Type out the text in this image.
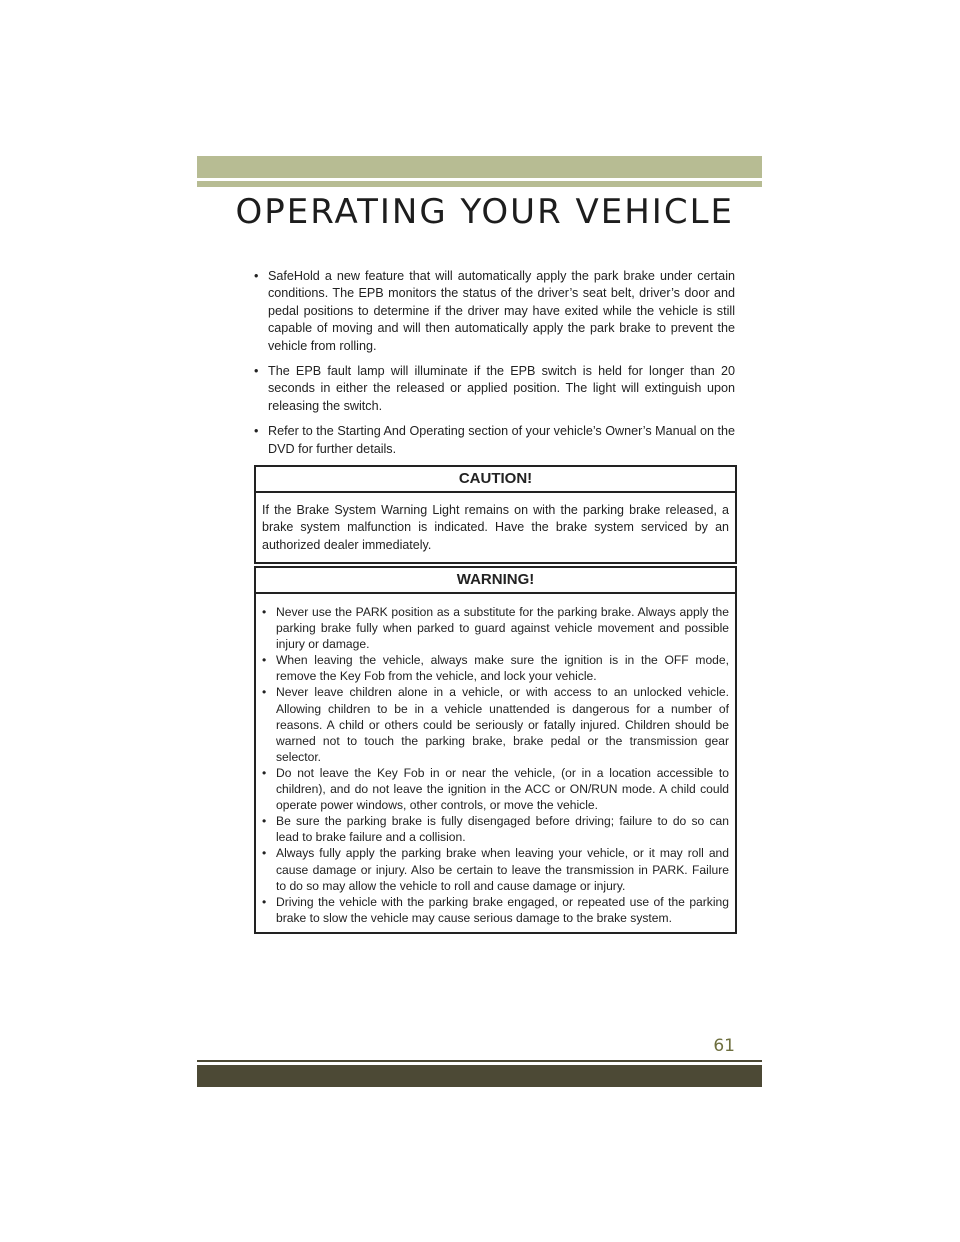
OPERATING YOUR VEHICLE
• SafeHold a new feature that will automatically apply the park brake under certain conditions. The EPB monitors the status of the driver’s seat belt, driver’s door and pedal positions to determine if the driver may have exited while the vehicle is still capable of moving and will then automatically apply the park brake to prevent the vehicle from rolling.
• The EPB fault lamp will illuminate if the EPB switch is held for longer than 20 seconds in either the released or applied position. The light will extinguish upon releasing the switch.
• Refer to the Starting And Operating section of your vehicle’s Owner’s Manual on the DVD for further details.
CAUTION!
If the Brake System Warning Light remains on with the parking brake released, a brake system malfunction is indicated. Have the brake system serviced by an authorized dealer immediately.
WARNING!
• Never use the PARK position as a substitute for the parking brake. Always apply the parking brake fully when parked to guard against vehicle movement and possible injury or damage.
• When leaving the vehicle, always make sure the ignition is in the OFF mode, remove the Key Fob from the vehicle, and lock your vehicle.
• Never leave children alone in a vehicle, or with access to an unlocked vehicle. Allowing children to be in a vehicle unattended is dangerous for a number of reasons. A child or others could be seriously or fatally injured. Children should be warned not to touch the parking brake, brake pedal or the transmission gear selector.
• Do not leave the Key Fob in or near the vehicle, (or in a location accessible to children), and do not leave the ignition in the ACC or ON/RUN mode. A child could operate power windows, other controls, or move the vehicle.
• Be sure the parking brake is fully disengaged before driving; failure to do so can lead to brake failure and a collision.
• Always fully apply the parking brake when leaving your vehicle, or it may roll and cause damage or injury. Also be certain to leave the transmission in PARK. Failure to do so may allow the vehicle to roll and cause damage or injury.
• Driving the vehicle with the parking brake engaged, or repeated use of the parking brake to slow the vehicle may cause serious damage to the brake system.
61
